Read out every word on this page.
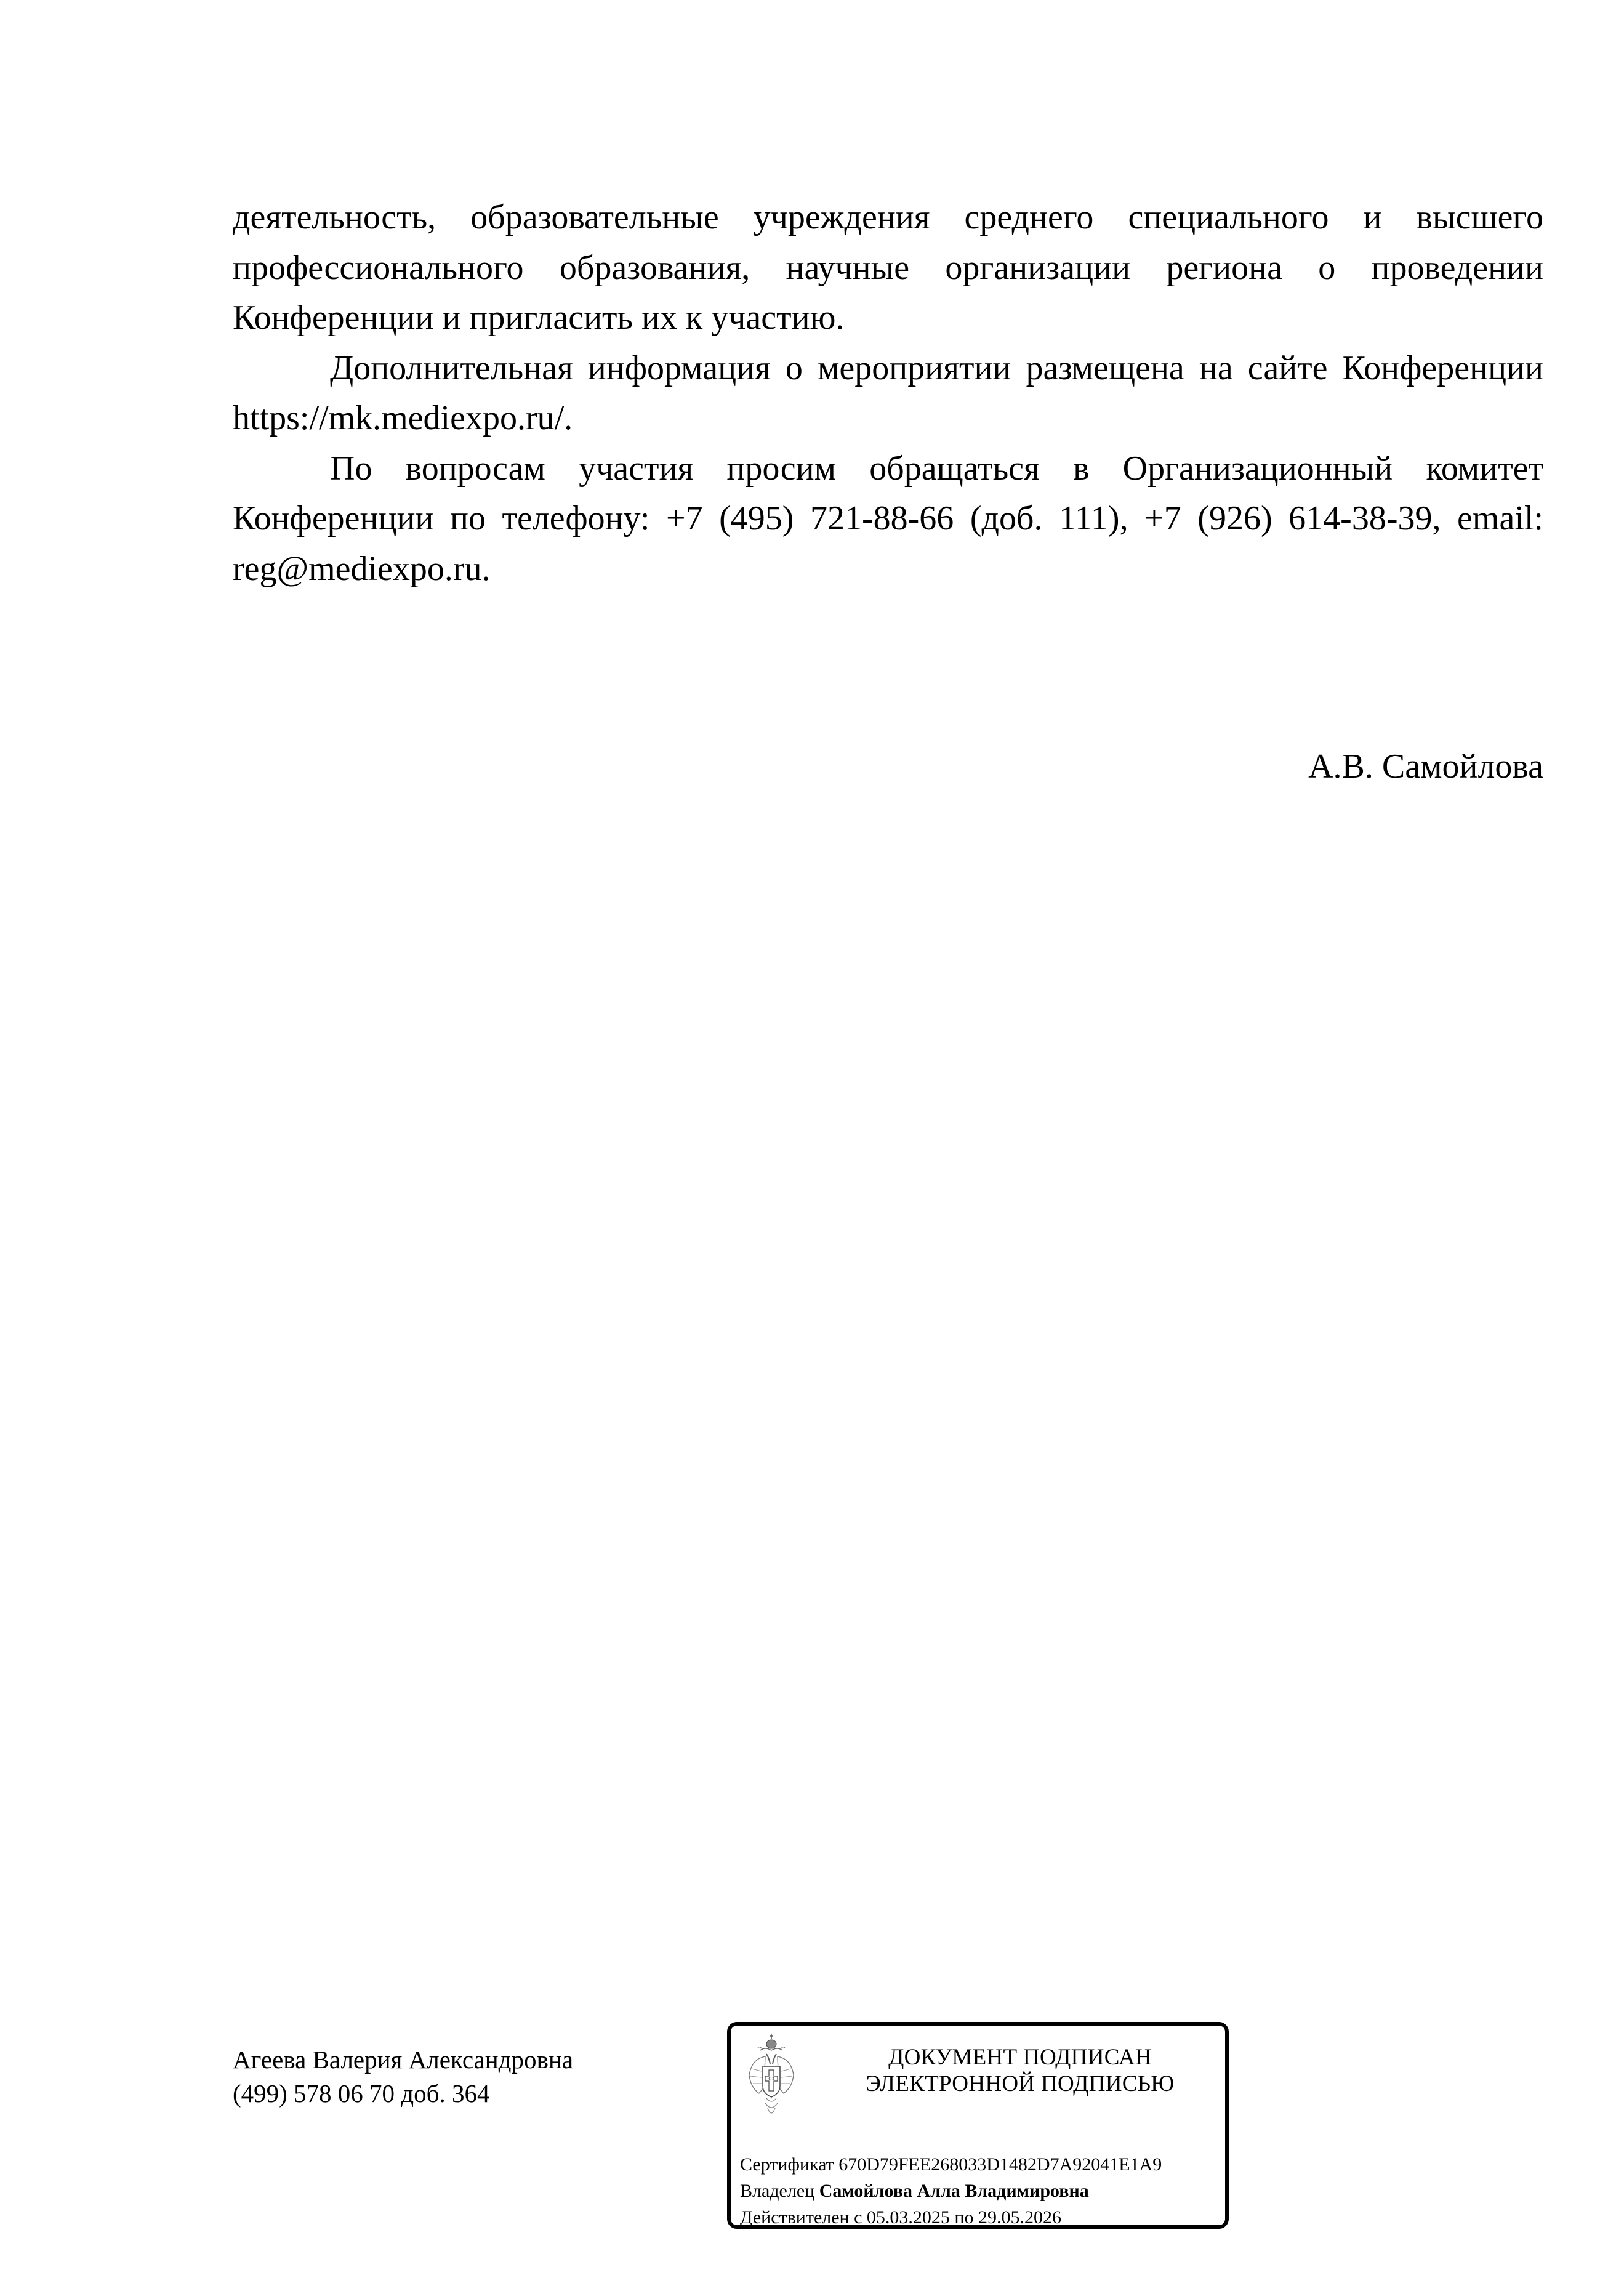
деятельность, образовательные учреждения среднего специального и высшего профессионального образования, научные организации региона о проведении Конференции и пригласить их к участию.

Дополнительная информация о мероприятии размещена на сайте Конференции https://mk.mediexpo.ru/.

По вопросам участия просим обращаться в Организационный комитет Конференции по телефону: +7 (495) 721-88-66 (доб. 111), +7 (926) 614-38-39, email: reg@mediexpo.ru.

А.В. Самойлова
Агеева Валерия Александровна
(499) 578 06 70 доб. 364
ДОКУМЕНТ ПОДПИСАН
ЭЛЕКТРОННОЙ ПОДПИСЬЮ
Сертификат 670D79FEE268033D1482D7A92041E1A9
Владелец Самойлова Алла Владимировна
Действителен с 05.03.2025 по 29.05.2026
